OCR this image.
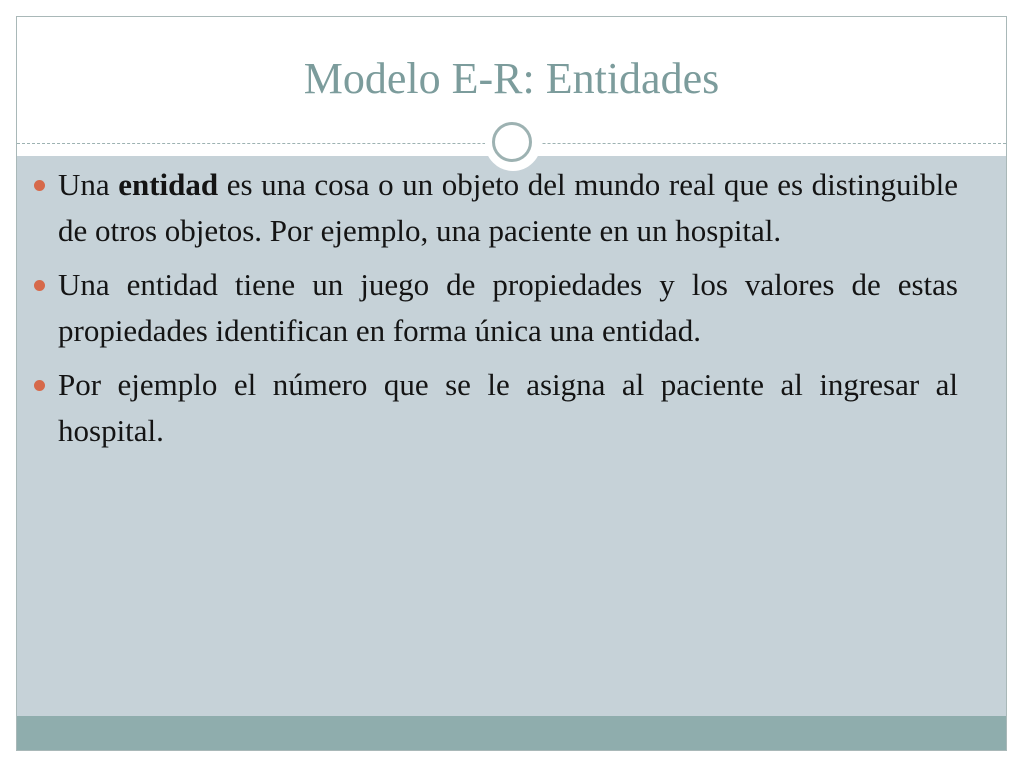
Modelo E-R: Entidades
Una entidad es una cosa o un objeto del mundo real que es distinguible de otros objetos. Por ejemplo, una paciente en un hospital.
Una entidad tiene un juego de propiedades y los valores de estas propiedades identifican en forma única una entidad.
Por ejemplo el número que se le asigna al paciente al ingresar al hospital.
